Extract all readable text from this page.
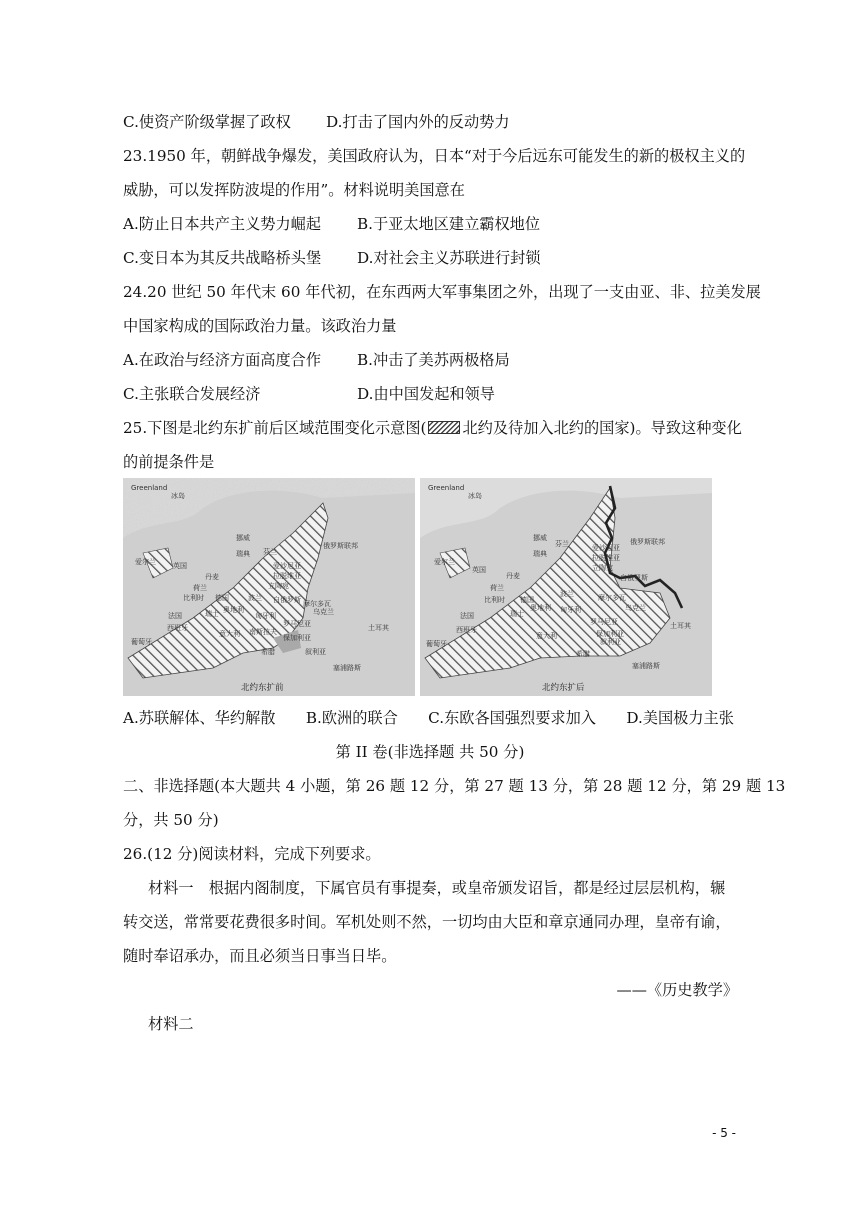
C.使资产阶级掌握了政权 D.打击了国内外的反动势力
23.1950 年，朝鲜战争爆发，美国政府认为，日本“对于今后远东可能发生的新的极权主义的
威胁，可以发挥防波堤的作用”。材料说明美国意在
A.防止日本共产主义势力崛起 B.于亚太地区建立霸权地位
C.变日本为其反共战略桥头堡 D.对社会主义苏联进行封锁
24.20 世纪 50 年代末 60 年代初，在东西两大军事集团之外，出现了一支由亚、非、拉美发展
中国家构成的国际政治力量。该政治力量
A.在政治与经济方面高度合作 B.冲击了美苏两极格局
C.主张联合发展经济	D.由中国发起和领导
25.下图是北约东扩前后区域范围变化示意图( 北约及待加入北约的国家)。导致这种变化
的前提条件是
Greenland
冰岛
挪威
瑞典 芬兰
俄罗斯联邦
爱沙尼亚
拉脱维亚
立陶宛
白俄罗斯
爱尔兰 英国
丹麦
荷兰
比利时 德国	波兰
乌克兰
法国	瑞士 奥地利
匈牙利
罗马尼亚
摩尔多瓦
西班牙
葡萄牙
意大利	保加利亚
南斯拉夫
希腊
土耳其
叙利亚
塞浦路斯
北约东扩前
Greenland
冰岛
挪威
瑞典
芬兰	俄罗斯联邦
爱沙尼亚
拉脱维亚
立陶宛
白俄罗斯
爱尔兰
英国
丹麦
荷兰
比利时 德国
波兰
乌克兰
法国	瑞士
奥地利 匈牙利
罗马尼亚
摩尔多瓦
西班牙
葡萄牙
意大利	保加利亚
希腊
土耳其
叙利亚
塞浦路斯
北约东扩后
A.苏联解体、华约解散　　B.欧洲的联合　　C.东欧各国强烈要求加入　　D.美国极力主张
第 II 卷(非选择题 共 50 分)
二、非选择题(本大题共 4 小题，第 26 题 12 分，第 27 题 13 分，第 28 题 12 分，第 29 题 13
分，共 50 分)
26.(12 分)阅读材料，完成下列要求。
材料一　根据内阁制度，下属官员有事提奏，或皇帝颁发诏旨，都是经过层层机构，辗
转交送，常常要花费很多时间。军机处则不然，一切均由大臣和章京通同办理，皇帝有谕，
随时奉诏承办，而且必须当日事当日毕。
——《历史教学》
材料二
- 5 -
